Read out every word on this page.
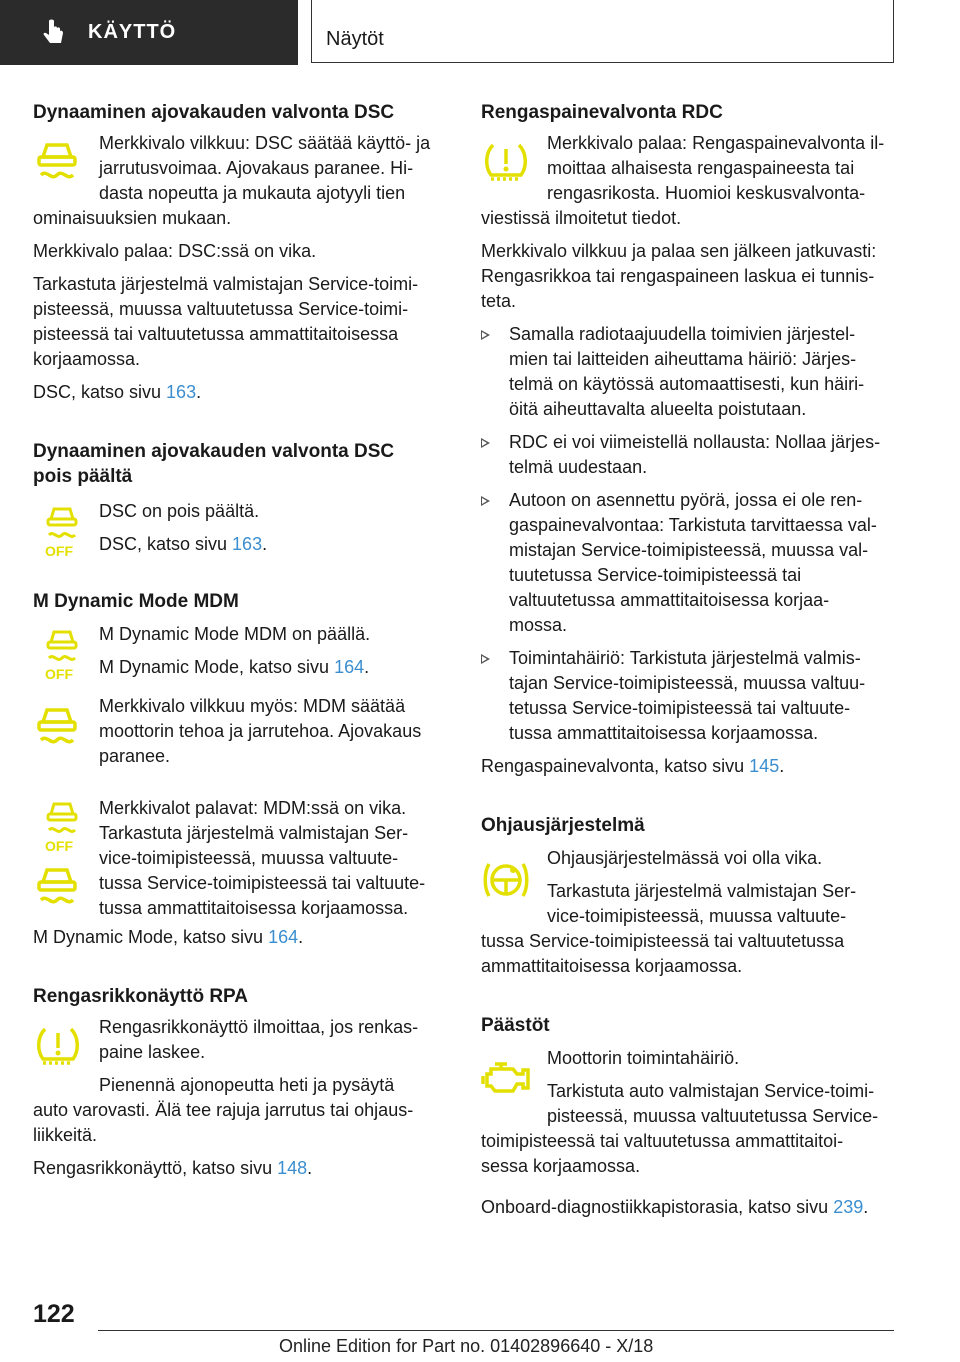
KÄYTTÖ	Näytöt
Dynaaminen ajovakauden valvonta DSC

Merkkivalo vilkkuu: DSC säätää käyttö- ja

jarrutusvoimaa. Ajovakaus paranee. Hi-

dasta nopeutta ja mukauta ajotyyli tien

ominaisuuksien mukaan.

Merkkivalo palaa: DSC:ssä on vika.

Tarkastuta järjestelmä valmistajan Service-toimi-

pisteessä, muussa valtuutetussa Service-toimi-

pisteessä tai valtuutetussa ammattitaitoisessa

korjaamossa.

DSC, katso sivu 163.

Dynaaminen ajovakauden valvonta DSC
pois päältä
OFF

DSC on pois päältä.

DSC, katso sivu 163.

M Dynamic Mode MDM
OFF

M Dynamic Mode MDM on päällä.

M Dynamic Mode, katso sivu 164.

Merkkivalo vilkkuu myös: MDM säätää

moottorin tehoa ja jarrutehoa. Ajovakaus

paranee.

OFF

Merkkivalot palavat: MDM:ssä on vika.

Tarkastuta järjestelmä valmistajan Ser-

vice-toimipisteessä, muussa valtuute-

tussa Service-toimipisteessä tai valtuute-

tussa ammattitaitoisessa korjaamossa.

M Dynamic Mode, katso sivu 164.

Rengasrikkonäyttö RPA

Rengasrikkonäyttö ilmoittaa, jos renkas-

paine laskee.

Pienennä ajonopeutta heti ja pysäytä

auto varovasti. Älä tee rajuja jarrutus tai ohjaus-

liikkeitä.

Rengasrikkonäyttö, katso sivu 148.

Rengaspainevalvonta RDC

Merkkivalo palaa: Rengaspainevalvonta il-

moittaa alhaisesta rengaspaineesta tai

rengasrikosta. Huomioi keskusvalvonta-

viestissä ilmoitetut tiedot.

Merkkivalo vilkkuu ja palaa sen jälkeen jatkuvasti:

Rengasrikkoa tai rengaspaineen laskua ei tunnis-

teta.

Samalla radiotaajuudella toimivien järjestel-

mien tai laitteiden aiheuttama häiriö: Järjes-

telmä on käytössä automaattisesti, kun häiri-

öitä aiheuttavalta alueelta poistutaan.

RDC ei voi viimeistellä nollausta: Nollaa järjes-

telmä uudestaan.

Autoon on asennettu pyörä, jossa ei ole ren-

gaspainevalvontaa: Tarkistuta tarvittaessa val-

mistajan Service-toimipisteessä, muussa val-

tuutetussa Service-toimipisteessä tai

valtuutetussa ammattitaitoisessa korjaa-

mossa.

Toimintahäiriö: Tarkistuta järjestelmä valmis-

tajan Service-toimipisteessä, muussa valtuu-

tetussa Service-toimipisteessä tai valtuute-

tussa ammattitaitoisessa korjaamossa.

Rengaspainevalvonta, katso sivu 145.

Ohjausjärjestelmä

Ohjausjärjestelmässä voi olla vika.

Tarkastuta järjestelmä valmistajan Ser-

vice-toimipisteessä, muussa valtuute-

tussa Service-toimipisteessä tai valtuutetussa

ammattitaitoisessa korjaamossa.

Päästöt

Moottorin toimintahäiriö.

Tarkistuta auto valmistajan Service-toimi-

pisteessä, muussa valtuutetussa Service-

toimipisteessä tai valtuutetussa ammattitaitoi-

sessa korjaamossa.

Onboard-diagnostiikkapistorasia, katso sivu 239.

122
Online Edition for Part no. 01402896640 - X/18
